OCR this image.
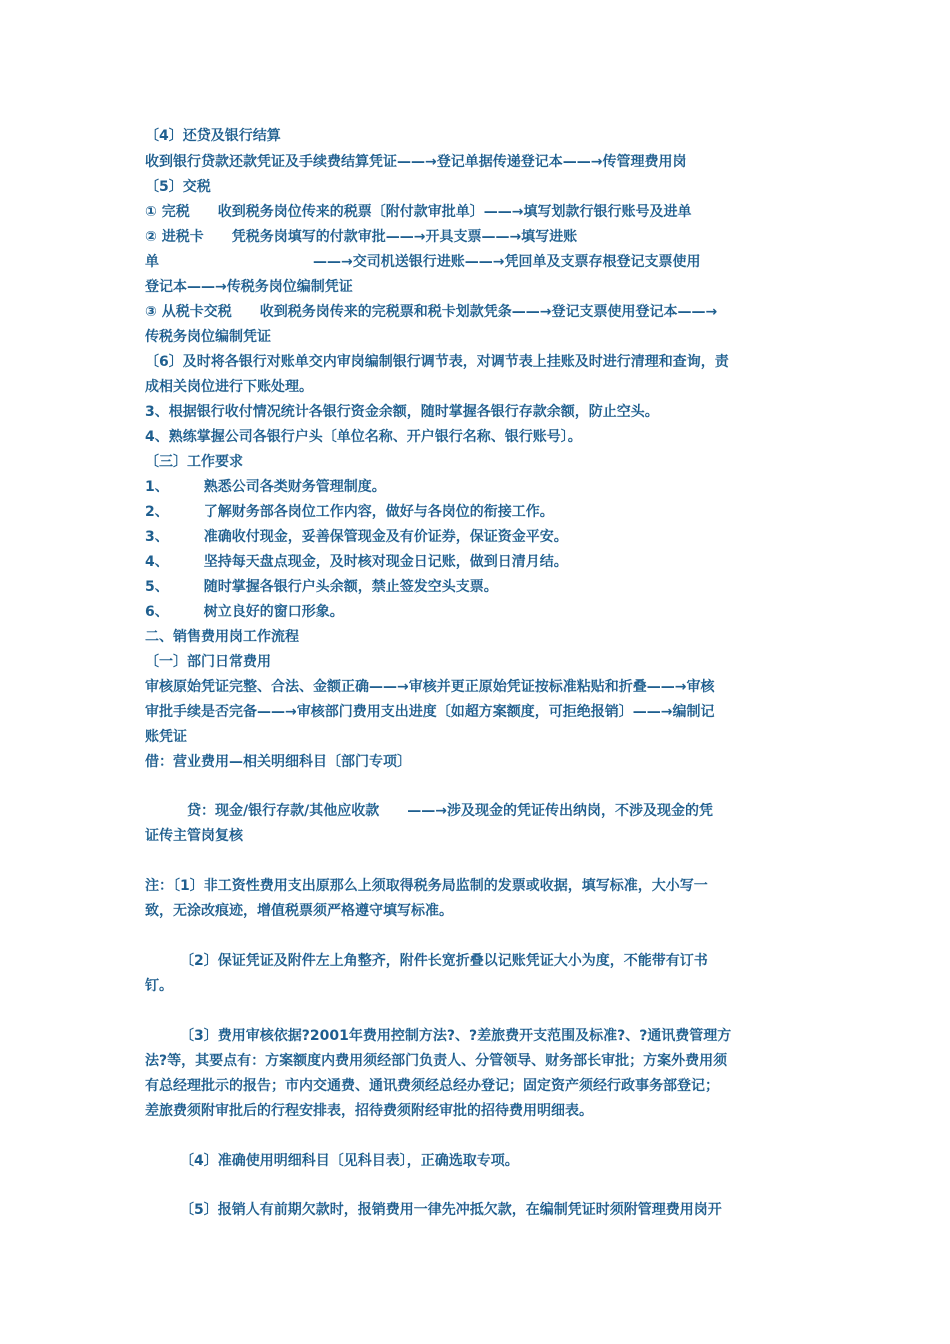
〔4〕还贷及银行结算
收到银行贷款还款凭证及手续费结算凭证——→登记单据传递登记本——→传管理费用岗
〔5〕交税
① 完税　　收到税务岗位传来的税票〔附付款审批单〕——→填写划款行银行账号及进单
② 进税卡　　凭税务岗填写的付款审批——→开具支票——→填写进账
单　　　　　　　　　　　——→交司机送银行进账——→凭回单及支票存根登记支票使用
登记本——→传税务岗位编制凭证
③ 从税卡交税　　收到税务岗传来的完税票和税卡划款凭条——→登记支票使用登记本——→
传税务岗位编制凭证
〔6〕及时将各银行对账单交内审岗编制银行调节表，对调节表上挂账及时进行清理和查询，责
成相关岗位进行下账处理。
3、根据银行收付情况统计各银行资金余额，随时掌握各银行存款余额，防止空头。
4、熟练掌握公司各银行户头〔单位名称、开户银行名称、银行账号〕。
〔三〕工作要求
1、　　　熟悉公司各类财务管理制度。
2、　　　了解财务部各岗位工作内容，做好与各岗位的衔接工作。
3、　　　准确收付现金，妥善保管现金及有价证券，保证资金平安。
4、　　　坚持每天盘点现金，及时核对现金日记账，做到日清月结。
5、　　　随时掌握各银行户头余额，禁止签发空头支票。
6、　　　树立良好的窗口形象。
二、销售费用岗工作流程
〔一〕部门日常费用
审核原始凭证完整、合法、金额正确——→审核并更正原始凭证按标准粘贴和折叠——→审核
审批手续是否完备——→审核部门费用支出进度〔如超方案额度，可拒绝报销〕——→编制记
账凭证
借：营业费用—相关明细科目〔部门专项〕
　　　贷：现金/银行存款/其他应收款　　——→涉及现金的凭证传出纳岗，不涉及现金的凭
证传主管岗复核
注：〔1〕非工资性费用支出原那么上须取得税务局监制的发票或收据，填写标准，大小写一
致，无涂改痕迹，增值税票须严格遵守填写标准。
　　　〔2〕保证凭证及附件左上角整齐，附件长宽折叠以记账凭证大小为度，不能带有订书
钉。
　　　〔3〕费用审核依据?2001年费用控制方法?、?差旅费开支范围及标准?、?通讯费管理方
法?等，其要点有：方案额度内费用须经部门负责人、分管领导、财务部长审批；方案外费用须
有总经理批示的报告；市内交通费、通讯费须经总经办登记；固定资产须经行政事务部登记；
差旅费须附审批后的行程安排表，招待费须附经审批的招待费用明细表。
　　　〔4〕准确使用明细科目〔见科目表〕，正确选取专项。
　　　〔5〕报销人有前期欠款时，报销费用一律先冲抵欠款，在编制凭证时须附管理费用岗开
